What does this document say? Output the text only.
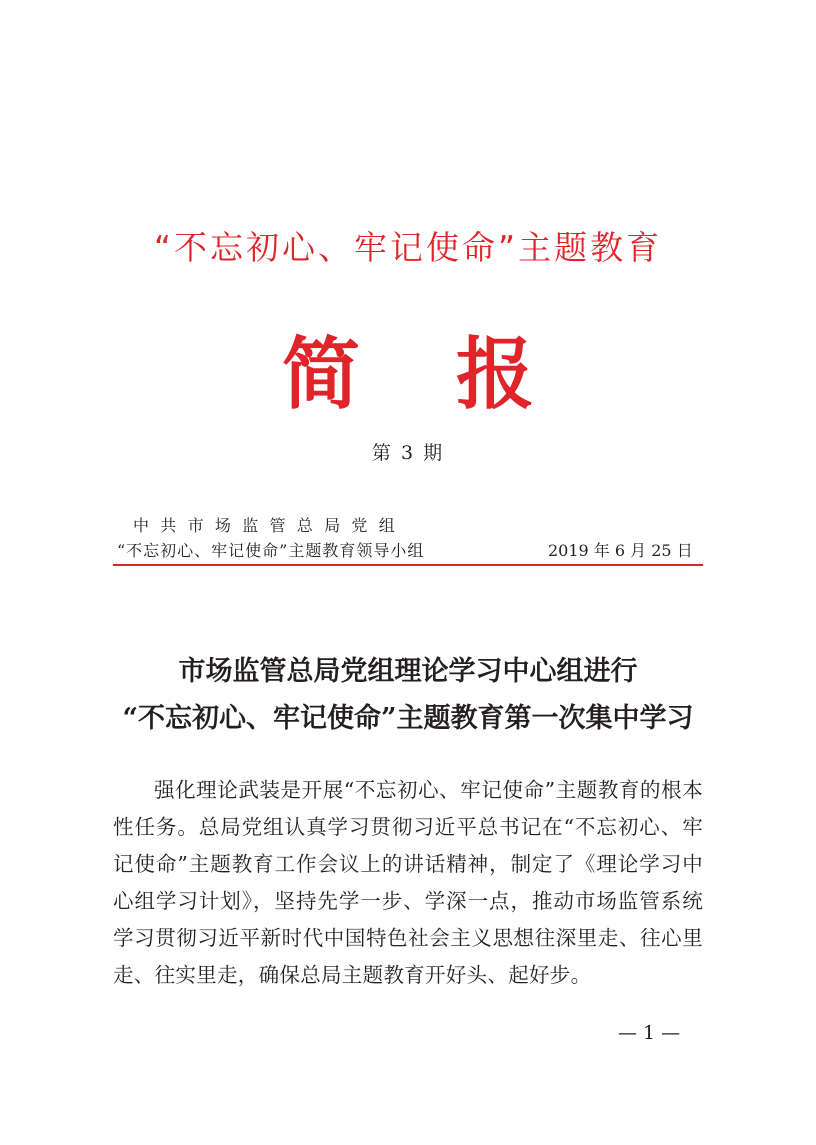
“不忘初心、牢记使命”主题教育
简 报
第 3 期
中共市场监管总局党组
“不忘初心、牢记使命”主题教育领导小组	2019 年 6 月 25 日
市场监管总局党组理论学习中心组进行
“不忘初心、牢记使命”主题教育第一次集中学习
强化理论武装是开展“不忘初心、牢记使命”主题教育的根本性任务。总局党组认真学习贯彻习近平总书记在“不忘初心、牢记使命”主题教育工作会议上的讲话精神，制定了《理论学习中心组学习计划》，坚持先学一步、学深一点，推动市场监管系统学习贯彻习近平新时代中国特色社会主义思想往深里走、往心里走、往实里走，确保总局主题教育开好头、起好步。
— 1 —
